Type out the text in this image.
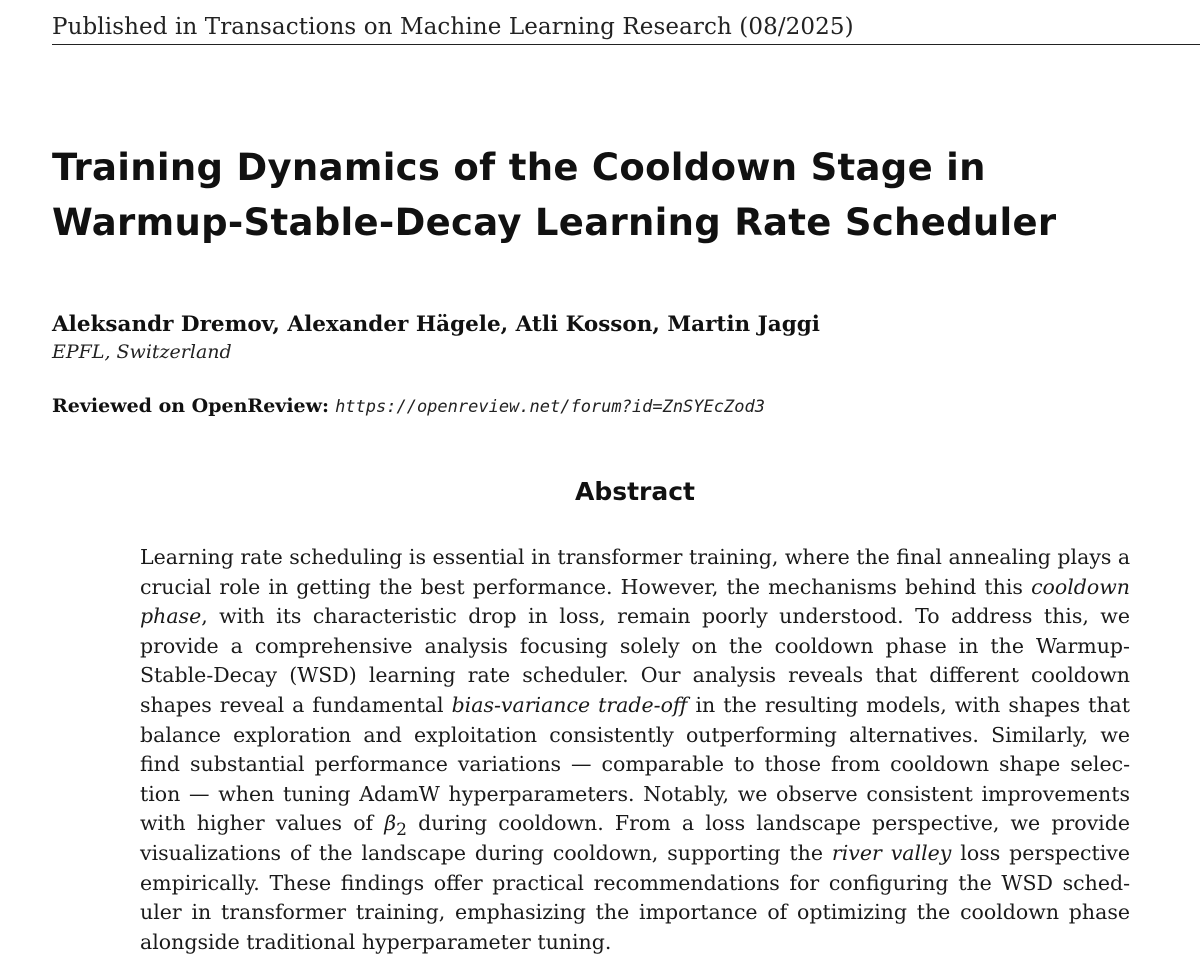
Published in Transactions on Machine Learning Research (08/2025)
Training Dynamics of the Cooldown Stage in
Warmup-Stable-Decay Learning Rate Scheduler
Aleksandr Dremov, Alexander Hägele, Atli Kosson, Martin Jaggi
EPFL, Switzerland
Reviewed on OpenReview: https://openreview.net/forum?id=ZnSYEcZod3
Abstract
Learning rate scheduling is essential in transformer training, where the final annealing plays a
crucial role in getting the best performance. However, the mechanisms behind this cooldown
phase, with its characteristic drop in loss, remain poorly understood. To address this, we
provide a comprehensive analysis focusing solely on the cooldown phase in the Warmup-
Stable-Decay (WSD) learning rate scheduler. Our analysis reveals that different cooldown
shapes reveal a fundamental bias-variance trade-off in the resulting models, with shapes that
balance exploration and exploitation consistently outperforming alternatives. Similarly, we
find substantial performance variations — comparable to those from cooldown shape selec-
tion — when tuning AdamW hyperparameters. Notably, we observe consistent improvements
with higher values of $\beta_2$ during cooldown. From a loss landscape perspective, we provide
visualizations of the landscape during cooldown, supporting the river valley loss perspective
empirically. These findings offer practical recommendations for configuring the WSD sched-
uler in transformer training, emphasizing the importance of optimizing the cooldown phase
alongside traditional hyperparameter tuning.
